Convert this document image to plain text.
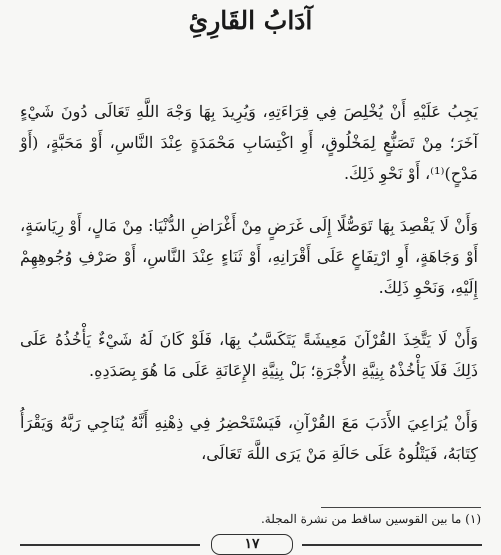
آدَابُ القَارِئِ

يَجِبُ عَلَيْهِ أَنْ يُخْلِصَ فِي قِرَاءَتِهِ، وَيُرِيدَ بِهَا وَجْهَ اللَّهِ تَعَالَى دُونَ شَيْءٍ آخَرَ؛ مِنْ تَصَنُّعٍ لِمَخْلُوقٍ، أَوِ اكْتِسَابِ مَحْمَدَةٍ عِنْدَ النَّاسِ، أَوْ مَحَبَّةٍ، (أَوْ مَدْحٍ)⁽¹⁾، أَوْ نَحْوِ ذَلِكَ.

وَأَنْ لَا يَقْصِدَ بِهَا تَوَصُّلًا إِلَى غَرَضٍ مِنْ أَغْرَاضِ الدُّنْيَا: مِنْ مَالٍ، أَوْ رِيَاسَةٍ، أَوْ وَجَاهَةٍ، أَوِ ارْتِفَاعٍ عَلَى أَقْرَانِهِ، أَوْ ثَنَاءٍ عِنْدَ النَّاسِ، أَوْ صَرْفِ وُجُوهِهِمْ إِلَيْهِ، وَنَحْوِ ذَلِكَ.

وَأَنْ لَا يَتَّخِذَ القُرْآنَ مَعِيشَةً يَتَكَسَّبُ بِهَا، فَلَوْ كَانَ لَهُ شَيْءٌ يَأْخُذُهُ عَلَى ذَلِكَ فَلَا يَأْخُذْهُ بِنِيَّةِ الأُجْرَةِ؛ بَلْ بِنِيَّةِ الإِعَانَةِ عَلَى مَا هُوَ بِصَدَدِهِ.

وَأَنْ يُرَاعِيَ الأَدَبَ مَعَ القُرْآنِ، فَيَسْتَحْضِرُ فِي ذِهْنِهِ أَنَّهُ يُنَاجِي رَبَّهُ وَيَقْرَأُ كِتَابَهُ، فَيَتْلُوهُ عَلَى حَالَةِ مَنْ يَرَى اللَّهَ تَعَالَى،

(١) ما بين القوسين ساقط من نشرة المجلة.
١٧
